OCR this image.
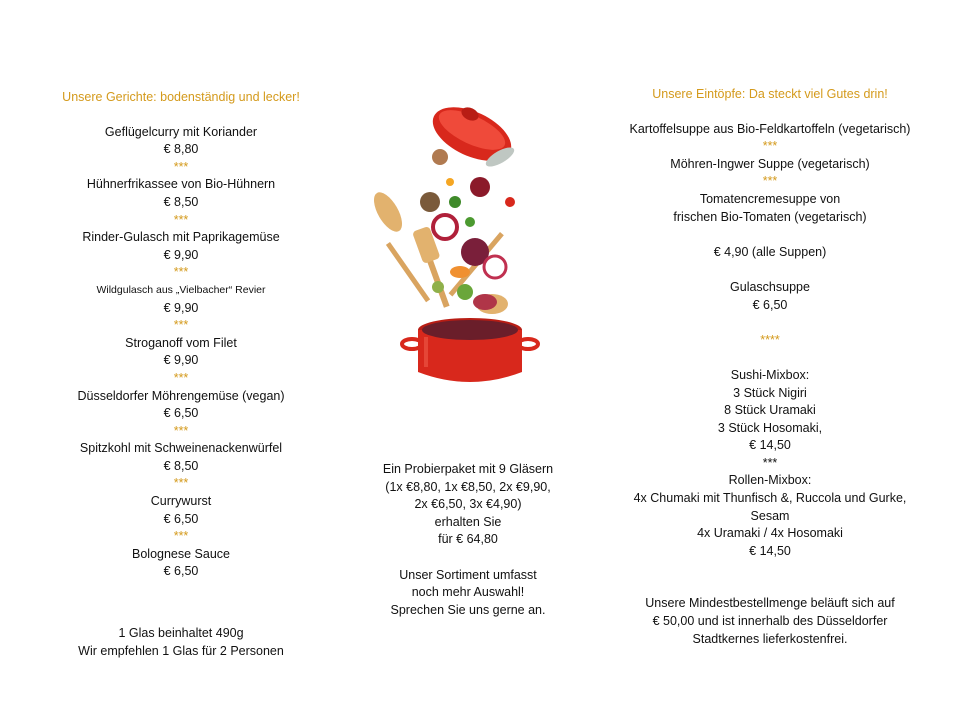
Unsere Gerichte: bodenständig und lecker!
Geflügelcurry mit Koriander
€ 8,80
***
Hühnerfrikassee von Bio-Hühnern
€ 8,50
***
Rinder-Gulasch mit Paprikagemüse
€ 9,90
***
Wildgulasch aus „Vielbacher“ Revier
€ 9,90
***
Stroganoff vom Filet
€ 9,90
***
Düsseldorfer Möhrengemüse (vegan)
€ 6,50
***
Spitzkohl mit Schweinenackenwürfel
€ 8,50
***
Currywurst
€ 6,50
***
Bolognese Sauce
€ 6,50
1 Glas beinhaltet 490g
Wir empfehlen 1 Glas für 2 Personen
Ein Probierpaket mit 9 Gläsern
(1x €8,80, 1x €8,50, 2x €9,90,
2x €6,50, 3x €4,90)
erhalten Sie
für € 64,80
Unser Sortiment umfasst
noch mehr Auswahl!
Sprechen Sie uns gerne an.
Unsere Eintöpfe: Da steckt viel Gutes drin!
Kartoffelsuppe aus Bio-Feldkartoffeln (vegetarisch)
***
Möhren-Ingwer Suppe (vegetarisch)
***
Tomatencremesuppe von
frischen Bio-Tomaten (vegetarisch)
€ 4,90 (alle Suppen)
Gulaschsuppe
€ 6,50
****
Sushi-Mixbox:
3 Stück Nigiri
8 Stück Uramaki
3 Stück Hosomaki,
€ 14,50
***
Rollen-Mixbox:
4x Chumaki mit Thunfisch &, Ruccola und Gurke,
Sesam
4x Uramaki / 4x Hosomaki
€ 14,50
Unsere Mindestbestellmenge beläuft sich auf
€ 50,00 und ist innerhalb des Düsseldorfer
Stadtkernes lieferkostenfrei.
